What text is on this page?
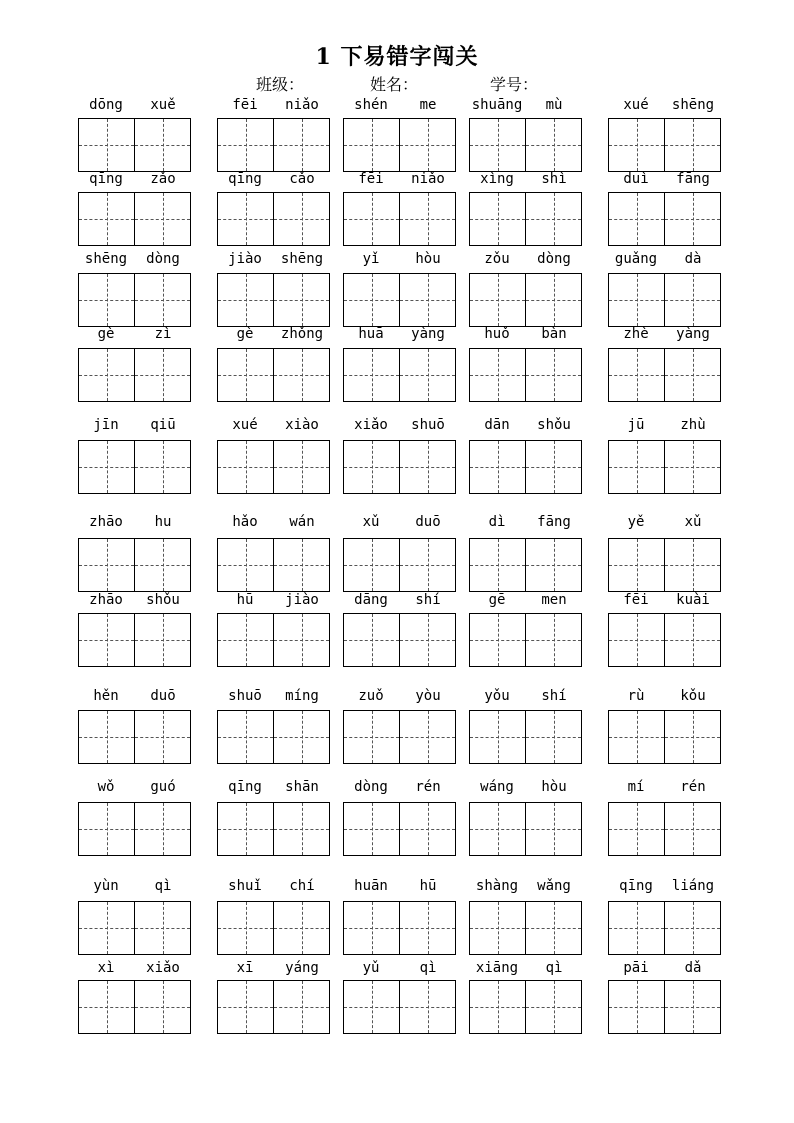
1 下易错字闯关
班级：	姓名：	学号：
dōng	xuě	fēi	niǎo	shén	me	shuāng	mù	xué	shēng
qīng	zǎo	qīng	cǎo	fēi	niǎo	xìng	shì	duì	fāng
shēng	dòng	jiào	shēng	yǐ	hòu	zǒu	dòng	guǎng	dà
gè	zì	gè	zhǒng	huā	yàng	huǒ	bàn	zhè	yàng
jīn	qiū	xué	xiào	xiǎo	shuō	dān	shǒu	jū	zhù
zhāo	hu	hǎo	wán	xǔ	duō	dì	fāng	yě	xǔ
zhāo	shǒu	hū	jiào	dāng	shí	gē	men	fēi	kuài
hěn	duō	shuō	míng	zuǒ	yòu	yǒu	shí	rù	kǒu
wǒ	guó	qīng	shān	dòng	rén	wáng	hòu	mí	rén
yùn	qì	shuǐ	chí	huān	hū	shàng	wǎng	qīng	liáng
xì	xiǎo	xī	yáng	yǔ	qì	xiāng	qì	pāi	dǎ
